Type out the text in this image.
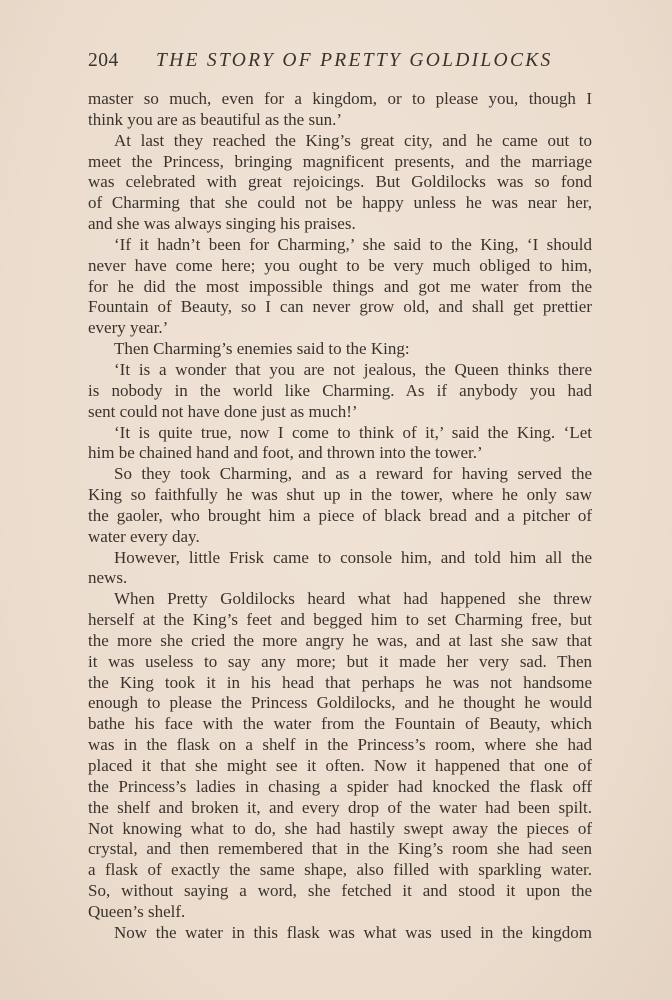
204 THE STORY OF PRETTY GOLDILOCKS
master so much, even for a kingdom, or to please you, though I
think you are as beautiful as the sun.’
At last they reached the King’s great city, and he came out to
meet the Princess, bringing magnificent presents, and the marriage
was celebrated with great rejoicings. But Goldilocks was so fond
of Charming that she could not be happy unless he was near her,
and she was always singing his praises.
‘If it hadn’t been for Charming,’ she said to the King, ‘I should
never have come here; you ought to be very much obliged to him,
for he did the most impossible things and got me water from the
Fountain of Beauty, so I can never grow old, and shall get prettier
every year.’
Then Charming’s enemies said to the King:
‘It is a wonder that you are not jealous, the Queen thinks there
is nobody in the world like Charming. As if anybody you had
sent could not have done just as much!’
‘It is quite true, now I come to think of it,’ said the King. ‘Let
him be chained hand and foot, and thrown into the tower.’
So they took Charming, and as a reward for having served the
King so faithfully he was shut up in the tower, where he only saw
the gaoler, who brought him a piece of black bread and a pitcher of
water every day.
However, little Frisk came to console him, and told him all the
news.
When Pretty Goldilocks heard what had happened she threw
herself at the King’s feet and begged him to set Charming free, but
the more she cried the more angry he was, and at last she saw that
it was useless to say any more; but it made her very sad. Then
the King took it in his head that perhaps he was not handsome
enough to please the Princess Goldilocks, and he thought he would
bathe his face with the water from the Fountain of Beauty, which
was in the flask on a shelf in the Princess’s room, where she had
placed it that she might see it often. Now it happened that one of
the Princess’s ladies in chasing a spider had knocked the flask off
the shelf and broken it, and every drop of the water had been spilt.
Not knowing what to do, she had hastily swept away the pieces of
crystal, and then remembered that in the King’s room she had seen
a flask of exactly the same shape, also filled with sparkling water.
So, without saying a word, she fetched it and stood it upon the
Queen’s shelf.
Now the water in this flask was what was used in the kingdom
